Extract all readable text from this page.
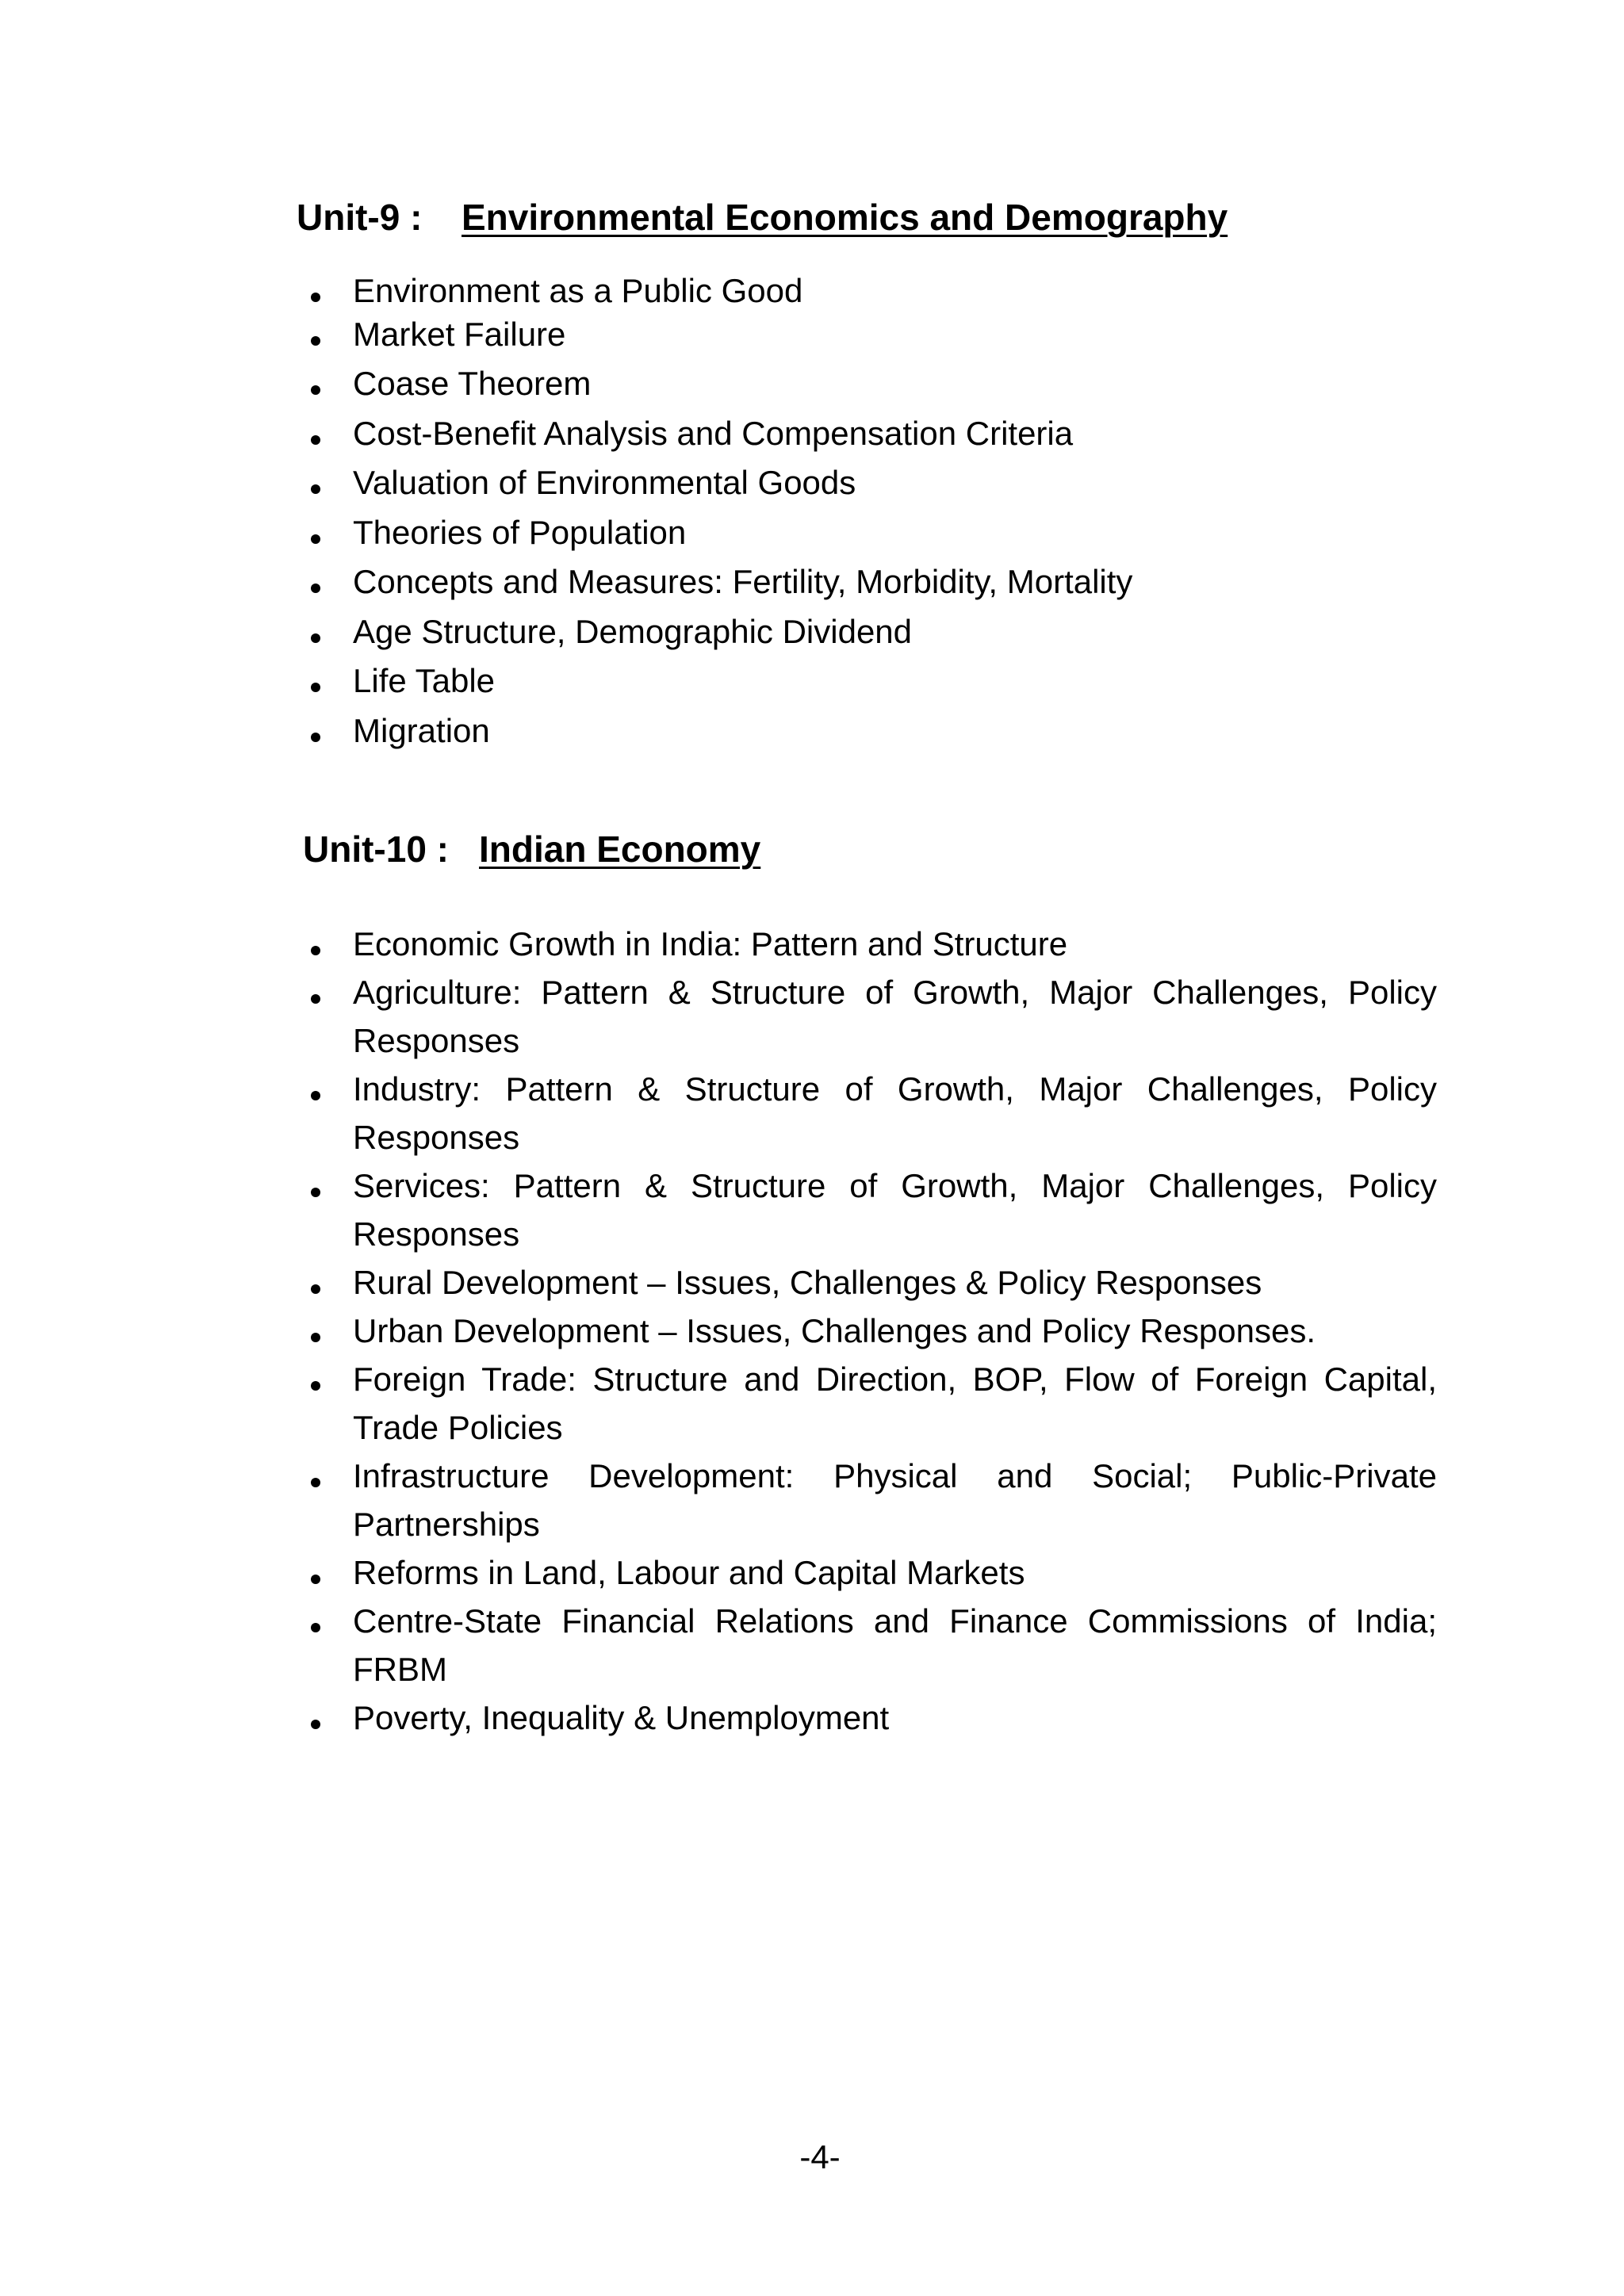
Unit-9 : Environmental Economics and Demography
Environment as a Public Good
Market Failure
Coase Theorem
Cost-Benefit Analysis and Compensation Criteria
Valuation of Environmental Goods
Theories of Population
Concepts and Measures: Fertility, Morbidity, Mortality
Age Structure, Demographic Dividend
Life Table
Migration
Unit-10 : Indian Economy
Economic Growth in India: Pattern and Structure
Agriculture: Pattern & Structure of Growth, Major Challenges, Policy Responses
Industry: Pattern & Structure of Growth, Major Challenges, Policy Responses
Services: Pattern & Structure of Growth, Major Challenges, Policy Responses
Rural Development – Issues, Challenges & Policy Responses
Urban Development – Issues, Challenges and Policy Responses.
Foreign Trade: Structure and Direction, BOP, Flow of Foreign Capital, Trade Policies
Infrastructure Development: Physical and Social; Public-Private Partnerships
Reforms in Land, Labour and Capital Markets
Centre-State Financial Relations and Finance Commissions of India; FRBM
Poverty, Inequality & Unemployment
-4-
